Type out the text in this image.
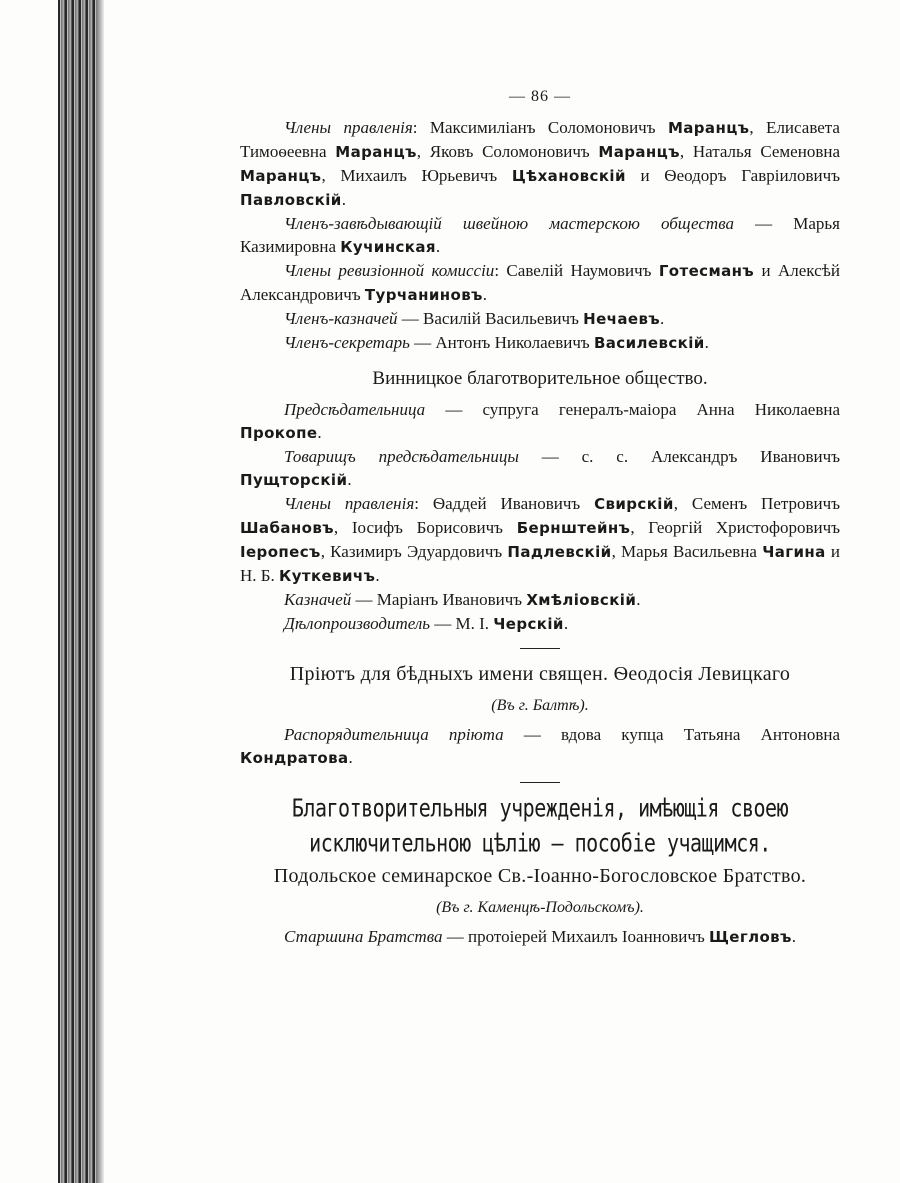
— 86 —

Члены правленія: Максимиліанъ Соломоновичъ Маранцъ, Елисавета Тимоѳеевна Маранцъ, Яковъ Соломоновичъ Маранцъ, Наталья Семеновна Маранцъ, Михаилъ Юрьевичъ Цѣхановскій и Ѳеодоръ Гавріиловичъ Павловскій.

Членъ-завѣдывающій швейною мастерскою общества — Марья Казимировна Кучинская.

Члены ревизіонной комиссіи: Савелій Наумовичъ Готесманъ и Алексѣй Александровичъ Турчаниновъ.

Членъ-казначей — Василій Васильевичъ Нечаевъ.

Членъ-секретарь — Антонъ Николаевичъ Василевскій.

Винницкое благотворительное общество.

Предсѣдательница — супруга генералъ-маіора Анна Николаевна Прокопе.

Товарищъ предсѣдательницы — с. с. Александръ Ивановичъ Пущторскій.

Члены правленія: Ѳаддей Ивановичъ Свирскій, Семенъ Петровичъ Шабановъ, Іосифъ Борисовичъ Бернштейнъ, Георгій Христофоровичъ Іеропесъ, Казимиръ Эдуардовичъ Падлевскій, Марья Васильевна Чагина и Н. Б. Куткевичъ.

Казначей — Маріанъ Ивановичъ Хмѣліовскій.

Дѣлопроизводитель — М. І. Черскій.

Пріютъ для бѣдныхъ имени священ. Ѳеодосія Левицкаго
(Въ г. Балтѣ).

Распорядительница пріюта — вдова купца Татьяна Антоновна Кондратова.

Благотворительныя учрежденія, имѣющія своею исключительною цѣлію — пособіе учащимся.
Подольское семинарское Св.-Іоанно-Богословское Братство.
(Въ г. Каменцѣ-Подольскомъ).

Старшина Братства — протоіерей Михаилъ Іоанновичъ Щегловъ.
